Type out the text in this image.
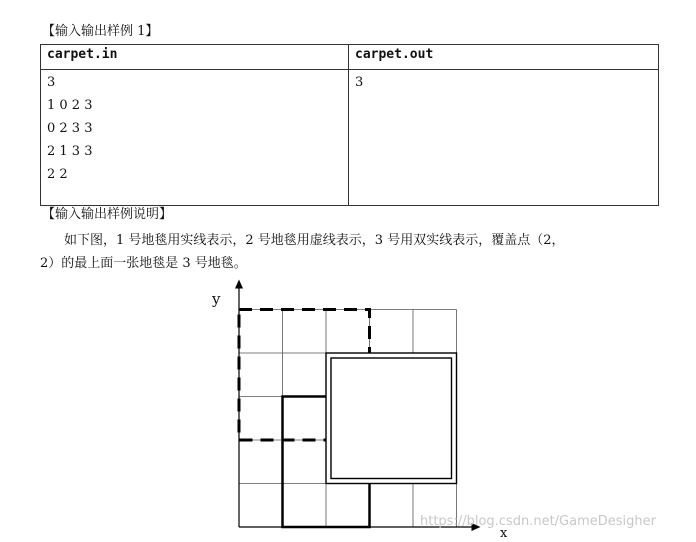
【输入输出样例 1】
carpet.in	carpet.out

3
1 0 2 3
0 2 3 3
2 1 3 3
2 2	3
【输入输出样例说明】
如下图，1 号地毯用实线表示，2 号地毯用虚线表示，3 号用双实线表示，覆盖点（2，
2）的最上面一张地毯是 3 号地毯。
y
x
https://blog.csdn.net/GameDesigher
